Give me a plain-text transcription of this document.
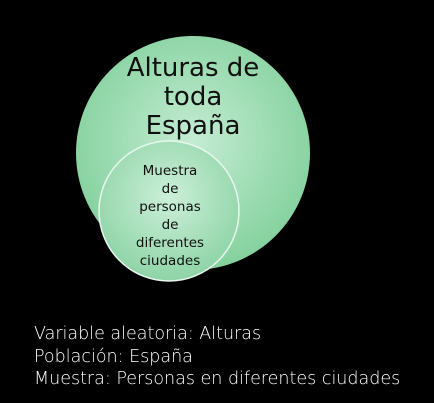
Alturas de
toda
España
Muestra
de
personas
de
diferentes
ciudades
Variable aleatoria: Alturas
Población: España
Muestra: Personas en diferentes ciudades
